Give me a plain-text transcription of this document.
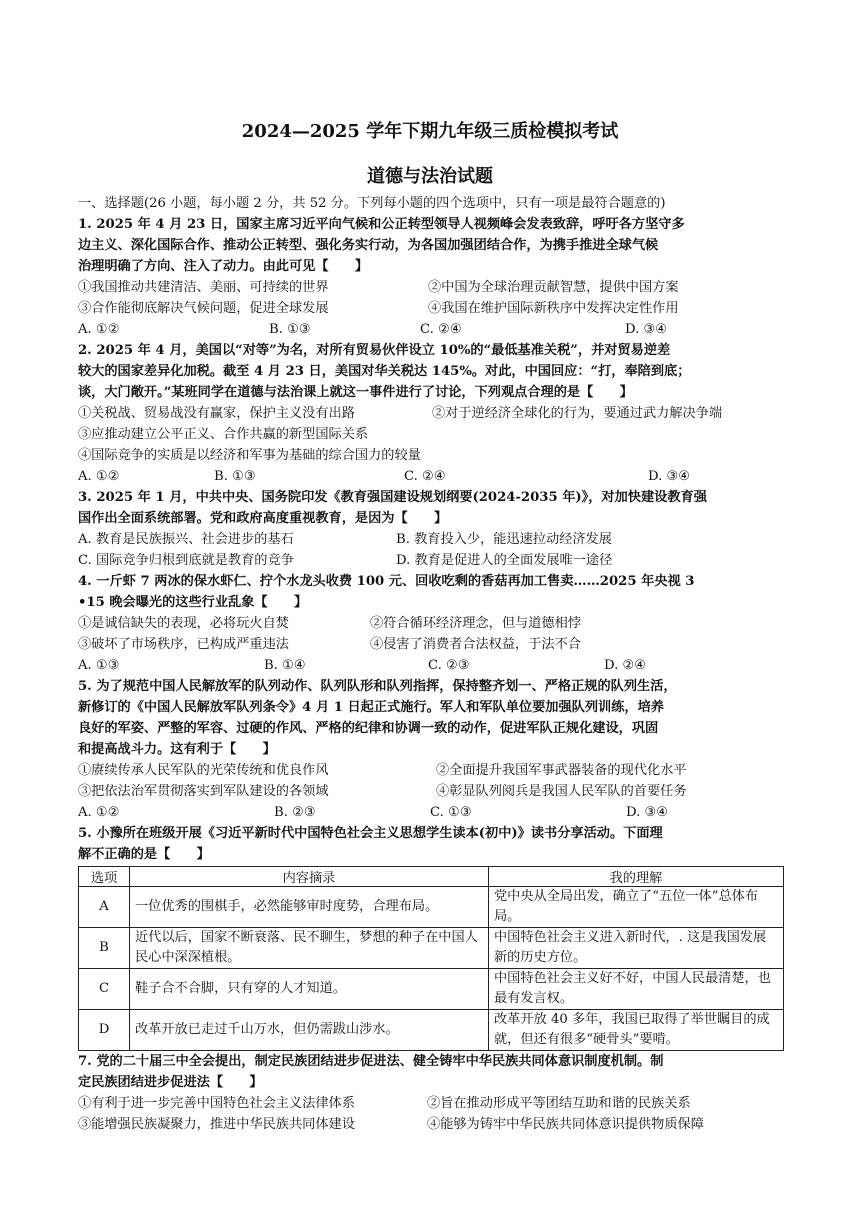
2024—2025 学年下期九年级三质检模拟考试
道德与法治试题
一、选择题(26 小题，每小题 2 分，共 52 分。下列每小题的四个选项中，只有一项是最符合题意的)
1. 2025 年 4 月 23 日，国家主席习近平向气候和公正转型领导人视频峰会发表致辞，呼吁各方坚守多
边主义、深化国际合作、推动公正转型、强化务实行动，为各国加强团结合作，为携手推进全球气候
治理明确了方向、注入了动力。由此可见【　　】
①我国推动共建清洁、美丽、可持续的世界	②中国为全球治理贡献智慧，提供中国方案
③合作能彻底解决气候问题，促进全球发展	④我国在维护国际新秩序中发挥决定性作用
A. ①②	B. ①③	C. ②④	D. ③④
2. 2025 年 4 月，美国以“对等”为名，对所有贸易伙伴设立 10%的“最低基准关税”，并对贸易逆差
较大的国家差异化加税。截至 4 月 23 日，美国对华关税达 145%。对此，中国回应：“打，奉陪到底；
谈，大门敞开。”某班同学在道德与法治课上就这一事件进行了讨论，下列观点合理的是【　　】
①关税战、贸易战没有赢家，保护主义没有出路	②对于逆经济全球化的行为，要通过武力解决争端
③应推动建立公平正义、合作共赢的新型国际关系
④国际竞争的实质是以经济和军事为基础的综合国力的较量
A. ①②	B. ①③	C. ②④	D. ③④
3. 2025 年 1 月，中共中央、国务院印发《教育强国建设规划纲要(2024-2035 年)》，对加快建设教育强
国作出全面系统部署。党和政府高度重视教育，是因为【　　】
A. 教育是民族振兴、社会进步的基石	B. 教育投入少，能迅速拉动经济发展
C. 国际竞争归根到底就是教育的竞争	D. 教育是促进人的全面发展唯一途径
4. 一斤虾 7 两冰的保水虾仁、拧个水龙头收费 100 元、回收吃剩的香菇再加工售卖……2025 年央视 3
•15 晚会曝光的这些行业乱象【　　】
①是诚信缺失的表现，必将玩火自焚	②符合循环经济理念，但与道德相悖
③破坏了市场秩序，已构成严重违法	④侵害了消费者合法权益，于法不合
A. ①③	B. ①④	C. ②③	D. ②④
5. 为了规范中国人民解放军的队列动作、队列队形和队列指挥，保持整齐划一、严格正规的队列生活，
新修订的《中国人民解放军队列条令》4 月 1 日起正式施行。军人和军队单位要加强队列训练，培养
良好的军姿、严整的军容、过硬的作风、严格的纪律和协调一致的动作，促进军队正规化建设，巩固
和提高战斗力。这有利于【　　】
①赓续传承人民军队的光荣传统和优良作风	②全面提升我国军事武器装备的现代化水平
③把依法治军贯彻落实到军队建设的各领域	④彰显队列阅兵是我国人民军队的首要任务
A. ①②	B. ②③	C. ①③	D. ③④
5. 小豫所在班级开展《习近平新时代中国特色社会主义思想学生读本(初中)》读书分享活动。下面理
解不正确的是【　　】
选项	内容摘录	我的理解
A	一位优秀的围棋手，必然能够审时度势，合理布局。	党中央从全局出发，确立了“五位一体”总体布局。
B	近代以后，国家不断衰落、民不聊生，梦想的种子在中国人民心中深深植根。	中国特色社会主义进入新时代，. 这是我国发展新的历史方位。
C	鞋子合不合脚，只有穿的人才知道。	中国特色社会主义好不好，中国人民最清楚，也最有发言权。
D	改革开放已走过千山万水，但仍需跋山涉水。	改革开放 40 多年，我国已取得了举世瞩目的成就，但还有很多“硬骨头”要啃。
7. 党的二十届三中全会提出，制定民族团结进步促进法、健全铸牢中华民族共同体意识制度机制。制
定民族团结进步促进法【　　】
①有利于进一步完善中国特色社会主义法律体系	②旨在推动形成平等团结互助和谐的民族关系
③能增强民族凝聚力，推进中华民族共同体建设	④能够为铸牢中华民族共同体意识提供物质保障
